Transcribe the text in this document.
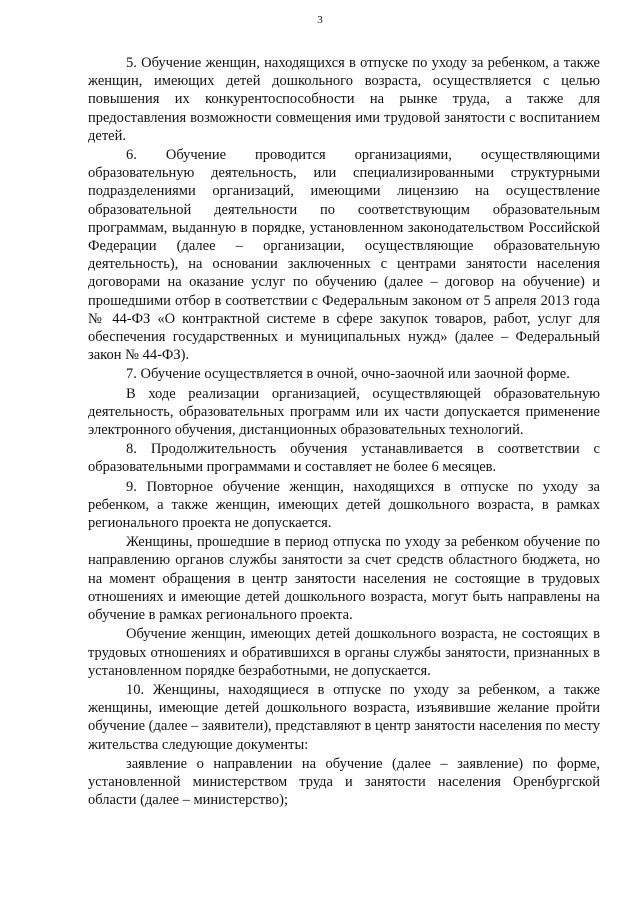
3

5. Обучение женщин, находящихся в отпуске по уходу за ребенком, а также женщин, имеющих детей дошкольного возраста, осуществляется с целью повышения их конкурентоспособности на рынке труда, а также для предоставления возможности совмещения ими трудовой занятости с воспитанием детей.

6. Обучение проводится организациями, осуществляющими образовательную деятельность, или специализированными структурными подразделениями организаций, имеющими лицензию на осуществление образовательной деятельности по соответствующим образовательным программам, выданную в порядке, установленном законодательством Российской Федерации (далее – организации, осуществляющие образовательную деятельность), на основании заключенных с центрами занятости населения договорами на оказание услуг по обучению (далее – договор на обучение) и прошедшими отбор в соответствии с Федеральным законом от 5 апреля 2013 года № 44-ФЗ «О контрактной системе в сфере закупок товаров, работ, услуг для обеспечения государственных и муниципальных нужд» (далее – Федеральный закон № 44-ФЗ).

7. Обучение осуществляется в очной, очно-заочной или заочной форме.

В ходе реализации организацией, осуществляющей образовательную деятельность, образовательных программ или их части допускается применение электронного обучения, дистанционных образовательных технологий.

8. Продолжительность обучения устанавливается в соответствии с образовательными программами и составляет не более 6 месяцев.

9. Повторное обучение женщин, находящихся в отпуске по уходу за ребенком, а также женщин, имеющих детей дошкольного возраста, в рамках регионального проекта не допускается.

Женщины, прошедшие в период отпуска по уходу за ребенком обучение по направлению органов службы занятости за счет средств областного бюджета, но на момент обращения в центр занятости населения не состоящие в трудовых отношениях и имеющие детей дошкольного возраста, могут быть направлены на обучение в рамках регионального проекта.

Обучение женщин, имеющих детей дошкольного возраста, не состоящих в трудовых отношениях и обратившихся в органы службы занятости, признанных в установленном порядке безработными, не допускается.

10. Женщины, находящиеся в отпуске по уходу за ребенком, а также женщины, имеющие детей дошкольного возраста, изъявившие желание пройти обучение (далее – заявители), представляют в центр занятости населения по месту жительства следующие документы:

заявление о направлении на обучение (далее – заявление) по форме, установленной министерством труда и занятости населения Оренбургской области (далее – министерство);
